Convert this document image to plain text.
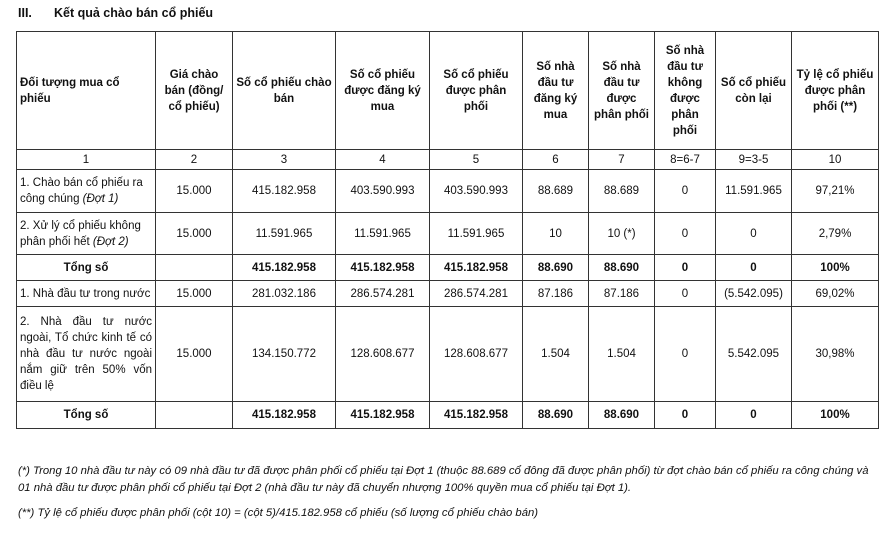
III. Kết quả chào bán cổ phiếu
Đối tượng mua cổ phiếu	Giá chào bán (đồng/ cổ phiếu)	Số cổ phiếu chào bán	Số cổ phiếu được đăng ký mua	Số cổ phiếu được phân phối	Số nhà đầu tư đăng ký mua	Số nhà đầu tư được phân phối	Số nhà đầu tư không được phân phối	Số cổ phiếu còn lại	Tỷ lệ cổ phiếu được phân phối (**)
1	2	3	4	5	6	7	8=6-7	9=3-5	10
1. Chào bán cổ phiếu ra công chúng (Đợt 1)	15.000	415.182.958	403.590.993	403.590.993	88.689	88.689	0	11.591.965	97,21%
2. Xử lý cổ phiếu không phân phối hết (Đợt 2)	15.000	11.591.965	11.591.965	11.591.965	10	10 (*)	0	0	2,79%
Tổng số		415.182.958	415.182.958	415.182.958	88.690	88.690	0	0	100%
1. Nhà đầu tư trong nước	15.000	281.032.186	286.574.281	286.574.281	87.186	87.186	0	(5.542.095)	69,02%
2. Nhà đầu tư nước ngoài, Tổ chức kinh tế có nhà đầu tư nước ngoài nắm giữ trên 50% vốn điều lệ	15.000	134.150.772	128.608.677	128.608.677	1.504	1.504	0	5.542.095	30,98%
Tổng số		415.182.958	415.182.958	415.182.958	88.690	88.690	0	0	100%

(*) Trong 10 nhà đầu tư này có 09 nhà đầu tư đã được phân phối cổ phiếu tại Đợt 1 (thuộc 88.689 cổ đông đã được phân phối) từ đợt chào bán cổ phiếu ra công chúng và 01 nhà đầu tư được phân phối cổ phiếu tại Đợt 2 (nhà đầu tư này đã chuyển nhượng 100% quyền mua cổ phiếu tại Đợt 1).

(**) Tỷ lệ cổ phiếu được phân phối (cột 10) = (cột 5)/415.182.958 cổ phiếu (số lượng cổ phiếu chào bán)
